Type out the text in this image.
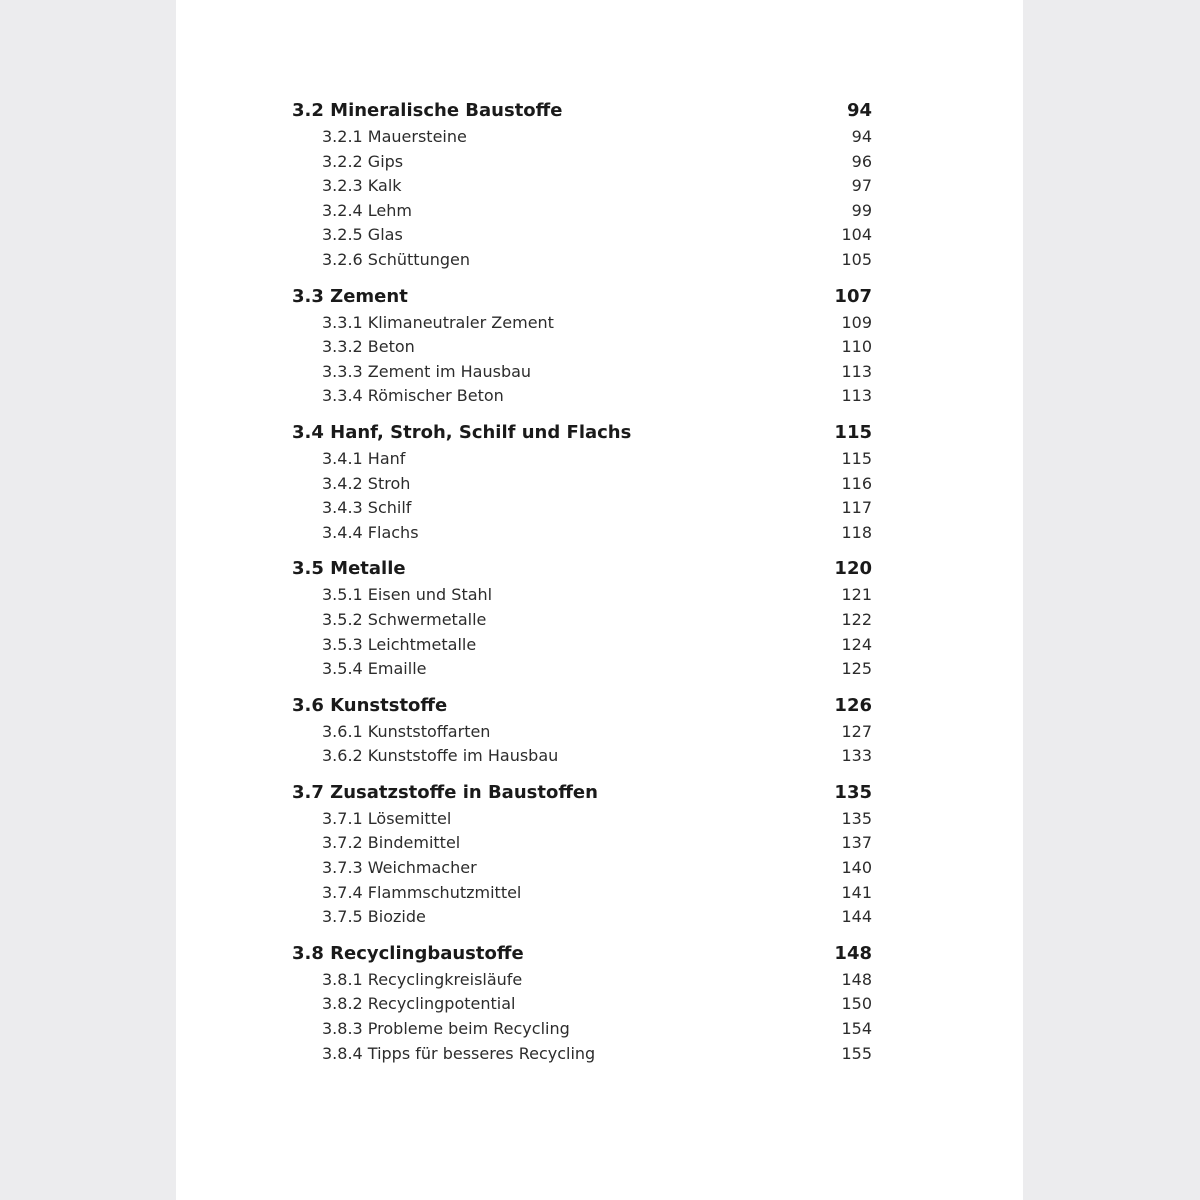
3.2 Mineralische Baustoffe	94
3.2.1 Mauersteine	94
3.2.2 Gips	96
3.2.3 Kalk	97
3.2.4 Lehm	99
3.2.5 Glas	104
3.2.6 Schüttungen	105
3.3 Zement	107
3.3.1 Klimaneutraler Zement	109
3.3.2 Beton	110
3.3.3 Zement im Hausbau	113
3.3.4 Römischer Beton	113
3.4 Hanf, Stroh, Schilf und Flachs	115
3.4.1 Hanf	115
3.4.2 Stroh	116
3.4.3 Schilf	117
3.4.4 Flachs	118
3.5 Metalle	120
3.5.1 Eisen und Stahl	121
3.5.2 Schwermetalle	122
3.5.3 Leichtmetalle	124
3.5.4 Emaille	125
3.6 Kunststoffe	126
3.6.1 Kunststoffarten	127
3.6.2 Kunststoffe im Hausbau	133
3.7 Zusatzstoffe in Baustoffen	135
3.7.1 Lösemittel	135
3.7.2 Bindemittel	137
3.7.3 Weichmacher	140
3.7.4 Flammschutzmittel	141
3.7.5 Biozide	144
3.8 Recyclingbaustoffe	148
3.8.1 Recyclingkreisläufe	148
3.8.2 Recyclingpotential	150
3.8.3 Probleme beim Recycling	154
3.8.4 Tipps für besseres Recycling	155
